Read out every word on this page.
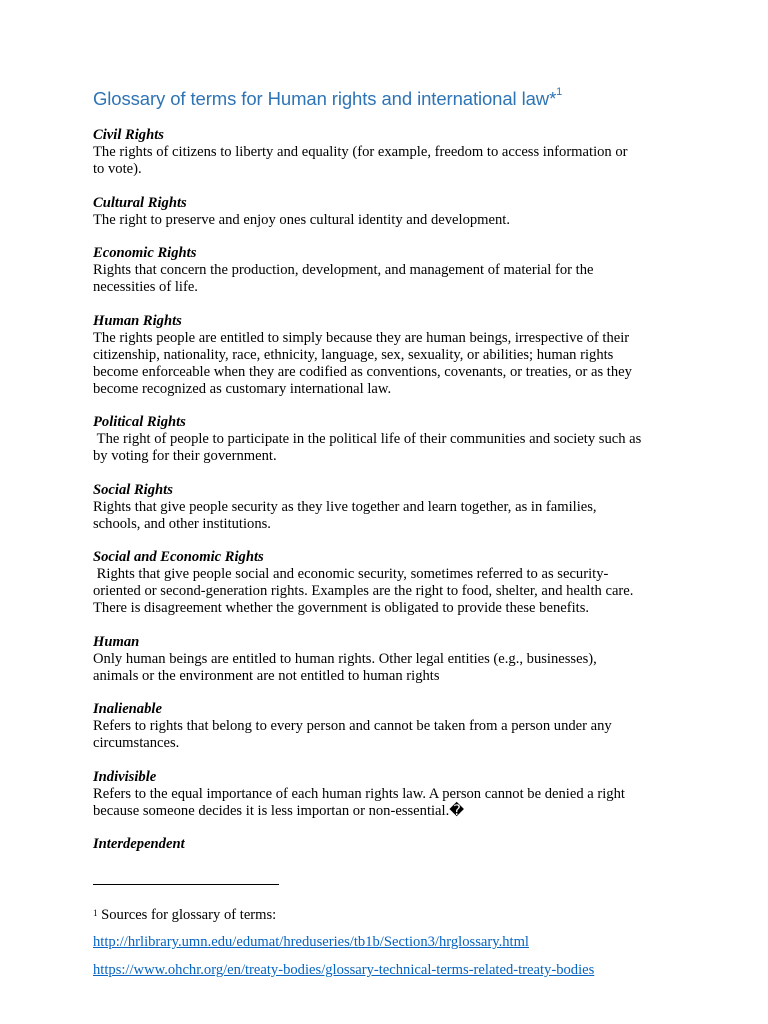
Glossary of terms for Human rights and international law*$^1$
Civil Rights
The rights of citizens to liberty and equality (for example, freedom to access information or
to vote).
Cultural Rights
The right to preserve and enjoy ones cultural identity and development.
Economic Rights
Rights that concern the production, development, and management of material for the
necessities of life.
Human Rights
The rights people are entitled to simply because they are human beings, irrespective of their
citizenship, nationality, race, ethnicity, language, sex, sexuality, or abilities; human rights
become enforceable when they are codified as conventions, covenants, or treaties, or as they
become recognized as customary international law.
Political Rights
The right of people to participate in the political life of their communities and society such as
by voting for their government.
Social Rights
Rights that give people security as they live together and learn together, as in families,
schools, and other institutions.
Social and Economic Rights
Rights that give people social and economic security, sometimes referred to as security-
oriented or second-generation rights. Examples are the right to food, shelter, and health care.
There is disagreement whether the government is obligated to provide these benefits.
Human
Only human beings are entitled to human rights. Other legal entities (e.g., businesses),
animals or the environment are not entitled to human rights
Inalienable
Refers to rights that belong to every person and cannot be taken from a person under any
circumstances.
Indivisible
Refers to the equal importance of each human rights law. A person cannot be denied a right
because someone decides it is less importan or non-essential.�
Interdependent
$^1$ Sources for glossary of terms:
http://hrlibrary.umn.edu/edumat/hreduseries/tb1b/Section3/hrglossary.html
https://www.ohchr.org/en/treaty-bodies/glossary-technical-terms-related-treaty-bodies
